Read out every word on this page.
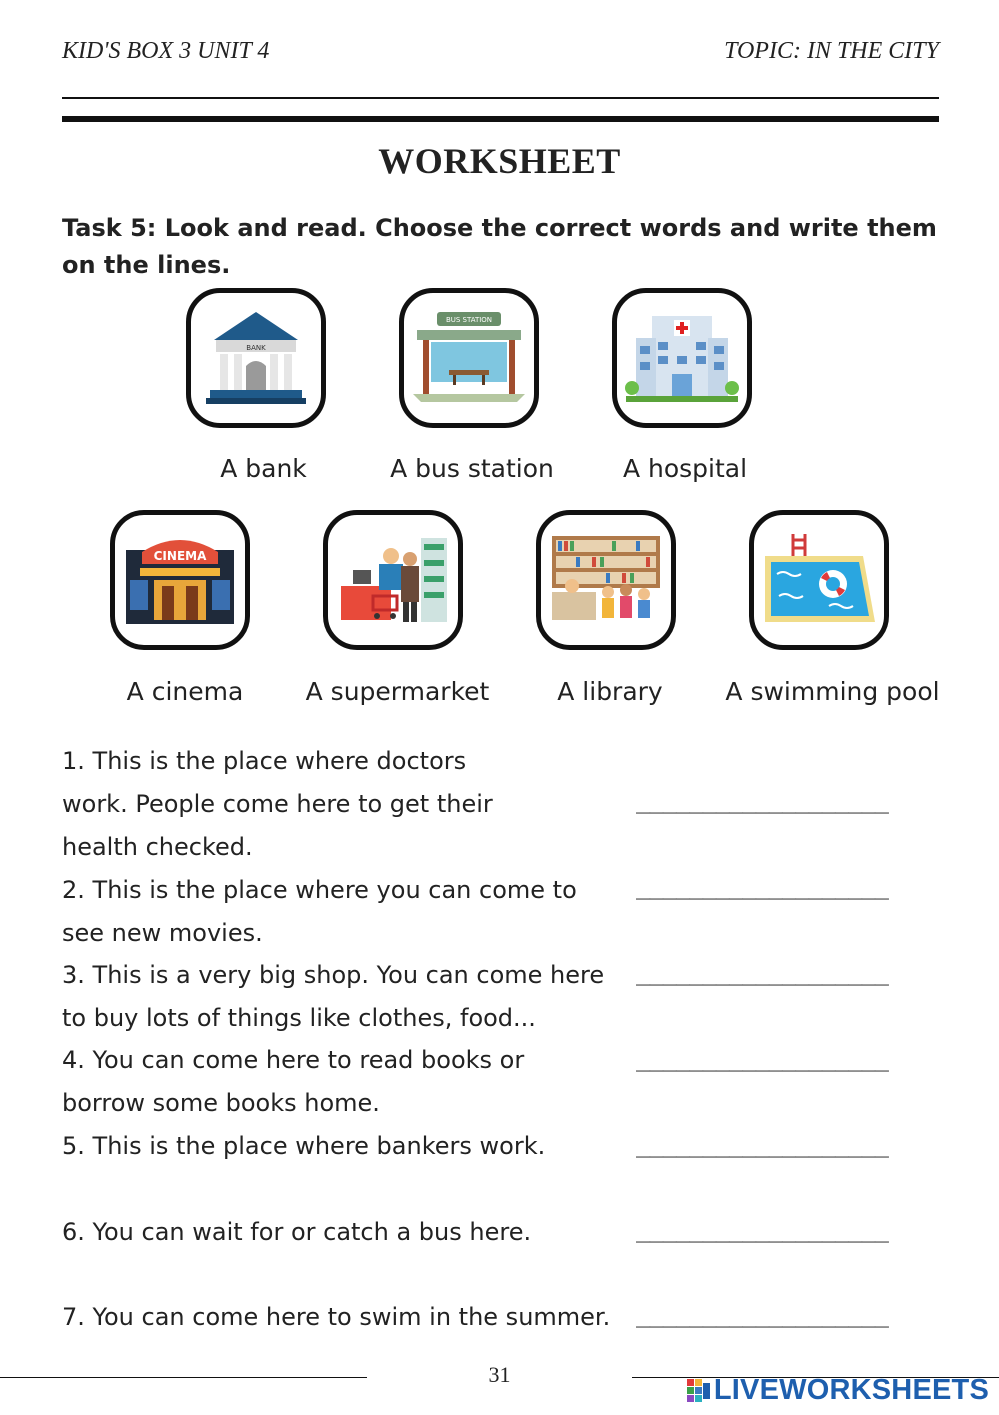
KID'S BOX 3 UNIT 4	TOPIC: IN THE CITY
WORKSHEET
Task 5: Look and read. Choose the correct words and write them on the lines.
BANK
BUS STATION
A bank	A bus station	A hospital
CINEMA
A cinema	A supermarket	A library	A swimming pool
1. This is the place where doctors work. People come here to get their health checked.
2. This is the place where you can come to see new movies.
3. This is a very big shop. You can come here to buy lots of things like clothes, food...
4. You can come here to read books or borrow some books home.
5. This is the place where bankers work.
6. You can wait for or catch a bus here.
7. You can come here to swim in the summer.
___________________
___________________
___________________
___________________
___________________
___________________
___________________
31	LIVEWORKSHEETS
